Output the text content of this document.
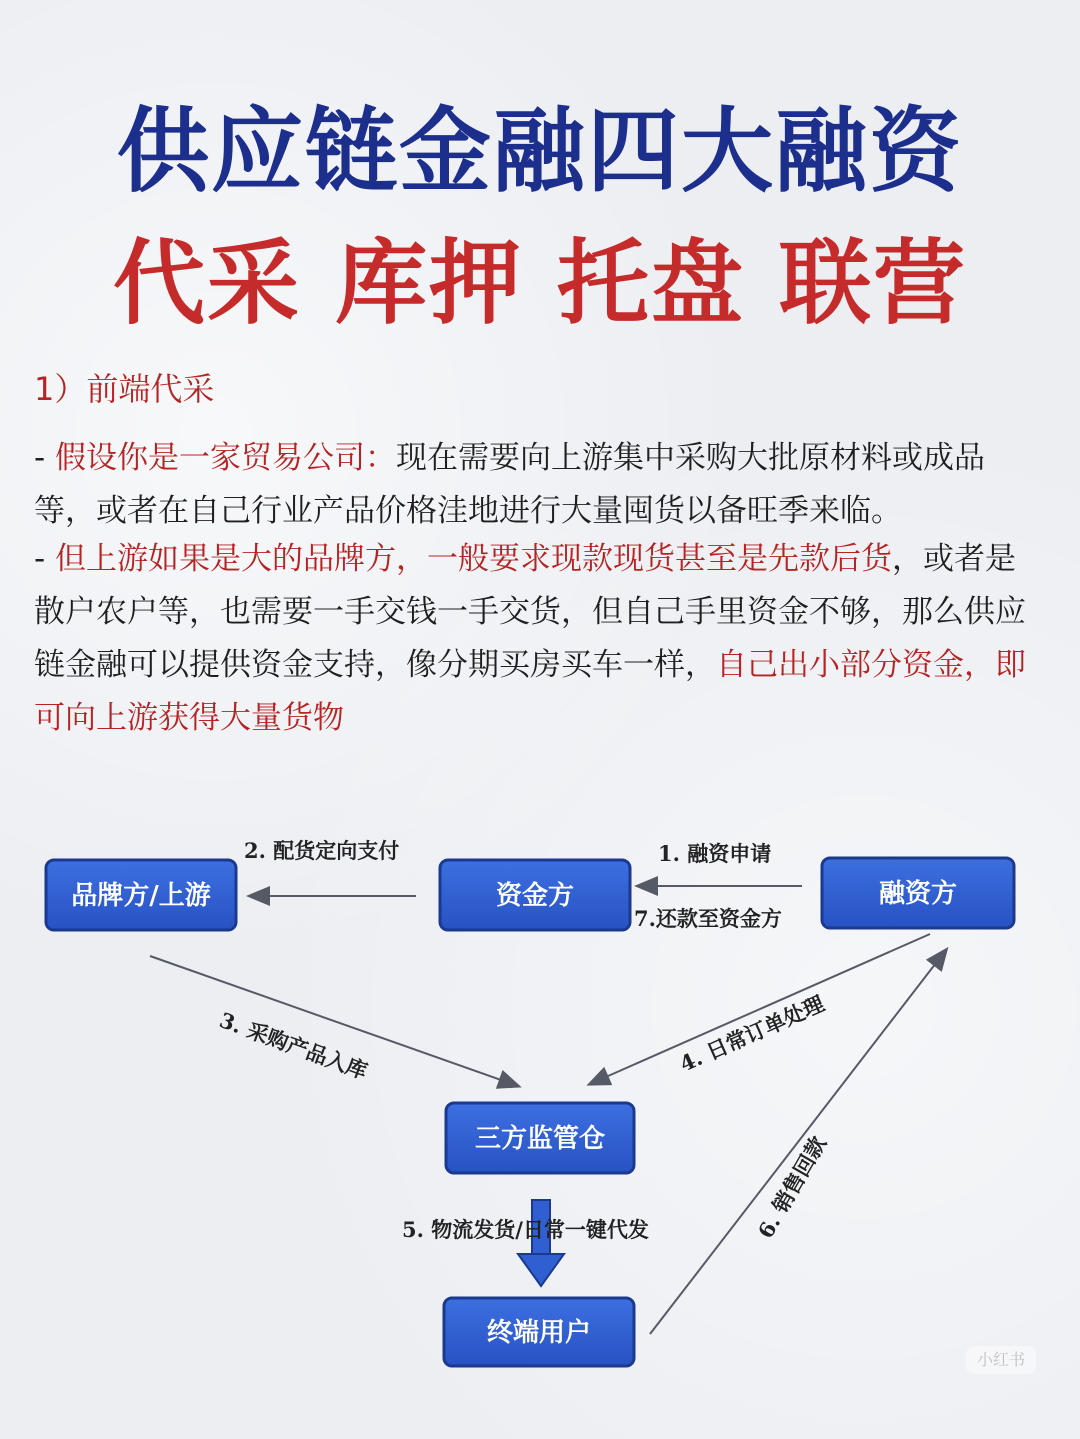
供应链金融四大融资
代采 库押 托盘 联营
1）前端代采

- 假设你是一家贸易公司：现在需要向上游集中采购大批原材料或成品等，或者在自己行业产品价格洼地进行大量囤货以备旺季来临。

- 但上游如果是大的品牌方，一般要求现款现货甚至是先款后货，或者是散户农户等，也需要一手交钱一手交货，但自己手里资金不够，那么供应链金融可以提供资金支持，像分期买房买车一样，自己出小部分资金，即可向上游获得大量货物

品牌方/上游	资金方	融资方
三方监管仓
终端用户
1. 融资申请
2. 配货定向支付
3. 采购产品入库	4. 日常订单处理
5. 物流发货/日常一键代发	6. 销售回款
7.还款至资金方
小红书
